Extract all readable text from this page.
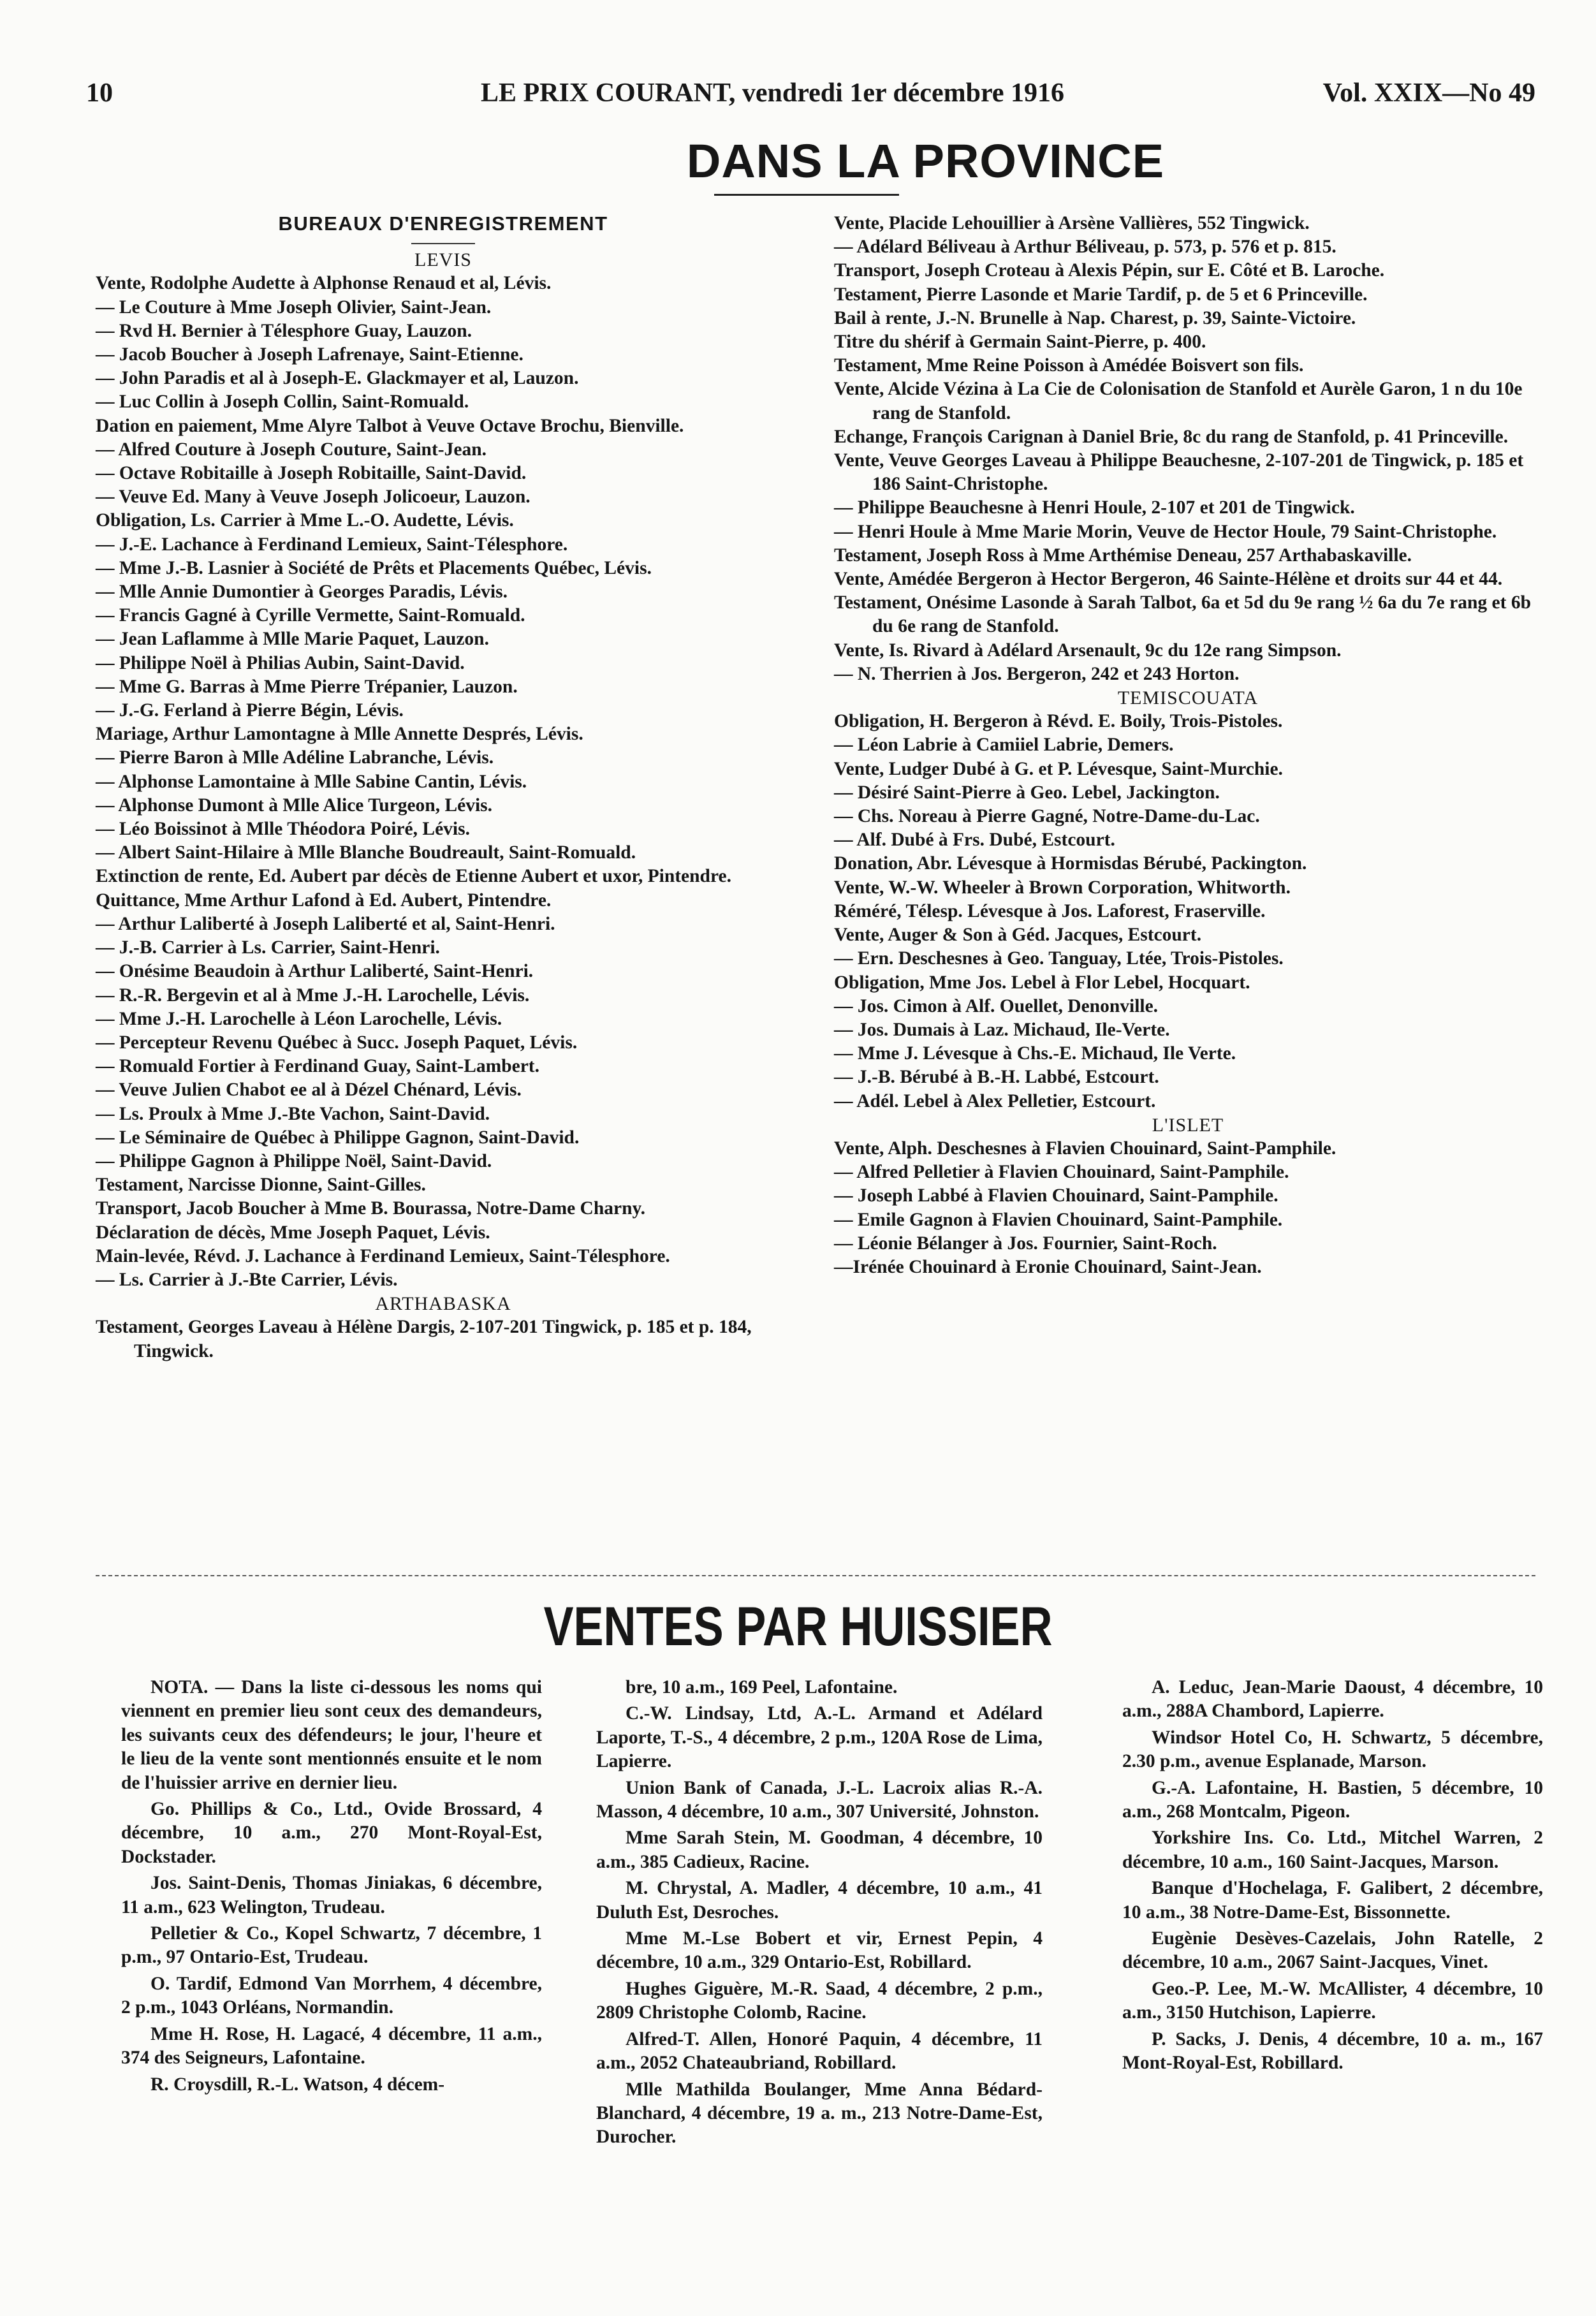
10	LE PRIX COURANT, vendredi 1er décembre 1916	Vol. XXIX—No 49
DANS LA PROVINCE

BUREAUX D'ENREGISTREMENT

LEVIS

Vente, Rodolphe Audette à Alphonse Renaud et al, Lévis.

— Le Couture à Mme Joseph Olivier, Saint-Jean.

— Rvd H. Bernier à Télesphore Guay, Lauzon.

— Jacob Boucher à Joseph Lafrenaye, Saint-Etienne.

— John Paradis et al à Joseph-E. Glackmayer et al, Lauzon.

— Luc Collin à Joseph Collin, Saint-Romuald.

Dation en paiement, Mme Alyre Talbot à Veuve Octave Brochu, Bienville.

— Alfred Couture à Joseph Couture, Saint-Jean.

— Octave Robitaille à Joseph Robitaille, Saint-David.

— Veuve Ed. Many à Veuve Joseph Jolicoeur, Lauzon.

Obligation, Ls. Carrier à Mme L.-O. Audette, Lévis.

— J.-E. Lachance à Ferdinand Lemieux, Saint-Télesphore.

— Mme J.-B. Lasnier à Société de Prêts et Placements Québec, Lévis.

— Mlle Annie Dumontier à Georges Paradis, Lévis.

— Francis Gagné à Cyrille Vermette, Saint-Romuald.

— Jean Laflamme à Mlle Marie Paquet, Lauzon.

— Philippe Noël à Philias Aubin, Saint-David.

— Mme G. Barras à Mme Pierre Trépanier, Lauzon.

— J.-G. Ferland à Pierre Bégin, Lévis.

Mariage, Arthur Lamontagne à Mlle Annette Després, Lévis.

— Pierre Baron à Mlle Adéline Labranche, Lévis.

— Alphonse Lamontaine à Mlle Sabine Cantin, Lévis.

— Alphonse Dumont à Mlle Alice Turgeon, Lévis.

— Léo Boissinot à Mlle Théodora Poiré, Lévis.

— Albert Saint-Hilaire à Mlle Blanche Boudreault, Saint-Romuald.

Extinction de rente, Ed. Aubert par décès de Etienne Aubert et uxor, Pintendre.

Quittance, Mme Arthur Lafond à Ed. Aubert, Pintendre.

— Arthur Laliberté à Joseph Laliberté et al, Saint-Henri.

— J.-B. Carrier à Ls. Carrier, Saint-Henri.

— Onésime Beaudoin à Arthur Laliberté, Saint-Henri.

— R.-R. Bergevin et al à Mme J.-H. Larochelle, Lévis.

— Mme J.-H. Larochelle à Léon Larochelle, Lévis.

— Percepteur Revenu Québec à Succ. Joseph Paquet, Lévis.

— Romuald Fortier à Ferdinand Guay, Saint-Lambert.

— Veuve Julien Chabot ee al à Dézel Chénard, Lévis.

— Ls. Proulx à Mme J.-Bte Vachon, Saint-David.

— Le Séminaire de Québec à Philippe Gagnon, Saint-David.

— Philippe Gagnon à Philippe Noël, Saint-David.

Testament, Narcisse Dionne, Saint-Gilles.

Transport, Jacob Boucher à Mme B. Bourassa, Notre-Dame Charny.

Déclaration de décès, Mme Joseph Paquet, Lévis.

Main-levée, Révd. J. Lachance à Ferdinand Lemieux, Saint-Télesphore.

— Ls. Carrier à J.-Bte Carrier, Lévis.

ARTHABASKA

Testament, Georges Laveau à Hélène Dargis, 2-107-201 Tingwick, p. 185 et p. 184, Tingwick.

Vente, Placide Lehouillier à Arsène Vallières, 552 Tingwick.

— Adélard Béliveau à Arthur Béliveau, p. 573, p. 576 et p. 815.

Transport, Joseph Croteau à Alexis Pépin, sur E. Côté et B. Laroche.

Testament, Pierre Lasonde et Marie Tardif, p. de 5 et 6 Princeville.

Bail à rente, J.-N. Brunelle à Nap. Charest, p. 39, Sainte-Victoire.

Titre du shérif à Germain Saint-Pierre, p. 400.

Testament, Mme Reine Poisson à Amédée Boisvert son fils.

Vente, Alcide Vézina à La Cie de Colonisation de Stanfold et Aurèle Garon, 1 n du 10e rang de Stanfold.

Echange, François Carignan à Daniel Brie, 8c du rang de Stanfold, p. 41 Princeville.

Vente, Veuve Georges Laveau à Philippe Beauchesne, 2-107-201 de Tingwick, p. 185 et 186 Saint-Christophe.

— Philippe Beauchesne à Henri Houle, 2-107 et 201 de Tingwick.

— Henri Houle à Mme Marie Morin, Veuve de Hector Houle, 79 Saint-Christophe.

Testament, Joseph Ross à Mme Arthémise Deneau, 257 Arthabaskaville.

Vente, Amédée Bergeron à Hector Bergeron, 46 Sainte-Hélène et droits sur 44 et 44.

Testament, Onésime Lasonde à Sarah Talbot, 6a et 5d du 9e rang ½ 6a du 7e rang et 6b du 6e rang de Stanfold.

Vente, Is. Rivard à Adélard Arsenault, 9c du 12e rang Simpson.

— N. Therrien à Jos. Bergeron, 242 et 243 Horton.

TEMISCOUATA

Obligation, H. Bergeron à Révd. E. Boily, Trois-Pistoles.

— Léon Labrie à Camiiel Labrie, Demers.

Vente, Ludger Dubé à G. et P. Lévesque, Saint-Murchie.

— Désiré Saint-Pierre à Geo. Lebel, Jackington.

— Chs. Noreau à Pierre Gagné, Notre-Dame-du-Lac.

— Alf. Dubé à Frs. Dubé, Estcourt.

Donation, Abr. Lévesque à Hormisdas Bérubé, Packington.

Vente, W.-W. Wheeler à Brown Corporation, Whitworth.

Réméré, Télesp. Lévesque à Jos. Laforest, Fraserville.

Vente, Auger & Son à Géd. Jacques, Estcourt.

— Ern. Deschesnes à Geo. Tanguay, Ltée, Trois-Pistoles.

Obligation, Mme Jos. Lebel à Flor Lebel, Hocquart.

— Jos. Cimon à Alf. Ouellet, Denonville.

— Jos. Dumais à Laz. Michaud, Ile-Verte.

— Mme J. Lévesque à Chs.-E. Michaud, Ile Verte.

— J.-B. Bérubé à B.-H. Labbé, Estcourt.

— Adél. Lebel à Alex Pelletier, Estcourt.

L'ISLET

Vente, Alph. Deschesnes à Flavien Chouinard, Saint-Pamphile.

— Alfred Pelletier à Flavien Chouinard, Saint-Pamphile.

— Joseph Labbé à Flavien Chouinard, Saint-Pamphile.

— Emile Gagnon à Flavien Chouinard, Saint-Pamphile.

— Léonie Bélanger à Jos. Fournier, Saint-Roch.

—Irénée Chouinard à Eronie Chouinard, Saint-Jean.

VENTES PAR HUISSIER

NOTA. — Dans la liste ci-dessous les noms qui viennent en premier lieu sont ceux des demandeurs, les suivants ceux des défendeurs; le jour, l'heure et le lieu de la vente sont mentionnés ensuite et le nom de l'huissier arrive en dernier lieu.

Go. Phillips & Co., Ltd., Ovide Brossard, 4 décembre, 10 a.m., 270 Mont-Royal-Est, Dockstader.

Jos. Saint-Denis, Thomas Jiniakas, 6 décembre, 11 a.m., 623 Welington, Trudeau.

Pelletier & Co., Kopel Schwartz, 7 décembre, 1 p.m., 97 Ontario-Est, Trudeau.

O. Tardif, Edmond Van Morrhem, 4 décembre, 2 p.m., 1043 Orléans, Normandin.

Mme H. Rose, H. Lagacé, 4 décembre, 11 a.m., 374 des Seigneurs, Lafontaine.

R. Croysdill, R.-L. Watson, 4 décem-

bre, 10 a.m., 169 Peel, Lafontaine.

C.-W. Lindsay, Ltd, A.-L. Armand et Adélard Laporte, T.-S., 4 décembre, 2 p.m., 120A Rose de Lima, Lapierre.

Union Bank of Canada, J.-L. Lacroix alias R.-A. Masson, 4 décembre, 10 a.m., 307 Université, Johnston.

Mme Sarah Stein, M. Goodman, 4 décembre, 10 a.m., 385 Cadieux, Racine.

M. Chrystal, A. Madler, 4 décembre, 10 a.m., 41 Duluth Est, Desroches.

Mme M.-Lse Bobert et vir, Ernest Pepin, 4 décembre, 10 a.m., 329 Ontario-Est, Robillard.

Hughes Giguère, M.-R. Saad, 4 décembre, 2 p.m., 2809 Christophe Colomb, Racine.

Alfred-T. Allen, Honoré Paquin, 4 décembre, 11 a.m., 2052 Chateaubriand, Robillard.

Mlle Mathilda Boulanger, Mme Anna Bédard-Blanchard, 4 décembre, 19 a. m., 213 Notre-Dame-Est, Durocher.

A. Leduc, Jean-Marie Daoust, 4 décembre, 10 a.m., 288A Chambord, Lapierre.

Windsor Hotel Co, H. Schwartz, 5 décembre, 2.30 p.m., avenue Esplanade, Marson.

G.-A. Lafontaine, H. Bastien, 5 décembre, 10 a.m., 268 Montcalm, Pigeon.

Yorkshire Ins. Co. Ltd., Mitchel Warren, 2 décembre, 10 a.m., 160 Saint-Jacques, Marson.

Banque d'Hochelaga, F. Galibert, 2 décembre, 10 a.m., 38 Notre-Dame-Est, Bissonnette.

Eugènie Desèves-Cazelais, John Ratelle, 2 décembre, 10 a.m., 2067 Saint-Jacques, Vinet.

Geo.-P. Lee, M.-W. McAllister, 4 décembre, 10 a.m., 3150 Hutchison, Lapierre.

P. Sacks, J. Denis, 4 décembre, 10 a. m., 167 Mont-Royal-Est, Robillard.
